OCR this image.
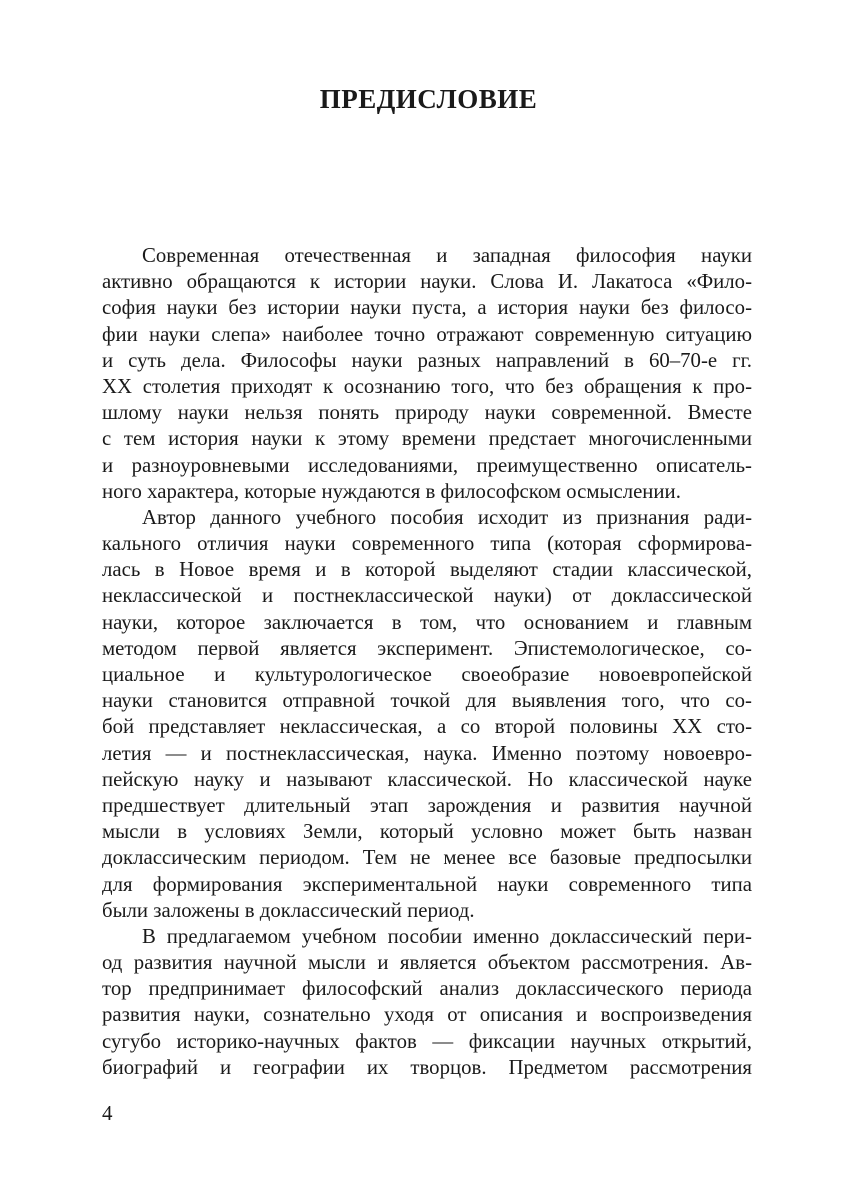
ПРЕДИСЛОВИЕ
Современная отечественная и западная философия науки
активно обращаются к истории науки. Слова И. Лакатоса «Фило-
софия науки без истории науки пуста, а история науки без филосо-
фии науки слепа» наиболее точно отражают современную ситуацию
и суть дела. Философы науки разных направлений в 60–70-е гг.
XX столетия приходят к осознанию того, что без обращения к про-
шлому науки нельзя понять природу науки современной. Вместе
с тем история науки к этому времени предстает многочисленными
и разноуровневыми исследованиями, преимущественно описатель-
ного характера, которые нуждаются в философском осмыслении.
Автор данного учебного пособия исходит из признания ради-
кального отличия науки современного типа (которая сформирова-
лась в Новое время и в которой выделяют стадии классической,
неклассической и постнеклассической науки) от доклассической
науки, которое заключается в том, что основанием и главным
методом первой является эксперимент. Эпистемологическое, со-
циальное и культурологическое своеобразие новоевропейской
науки становится отправной точкой для выявления того, что со-
бой представляет неклассическая, а со второй половины XX сто-
летия — и постнеклассическая, наука. Именно поэтому новоевро-
пейскую науку и называют классической. Но классической науке
предшествует длительный этап зарождения и развития научной
мысли в условиях Земли, который условно может быть назван
доклассическим периодом. Тем не менее все базовые предпосылки
для формирования экспериментальной науки современного типа
были заложены в доклассический период.
В предлагаемом учебном пособии именно доклассический пери-
од развития научной мысли и является объектом рассмотрения. Ав-
тор предпринимает философский анализ доклассического периода
развития науки, сознательно уходя от описания и воспроизведения
сугубо историко-научных фактов — фиксации научных открытий,
биографий и географии их творцов. Предметом рассмотрения
4
